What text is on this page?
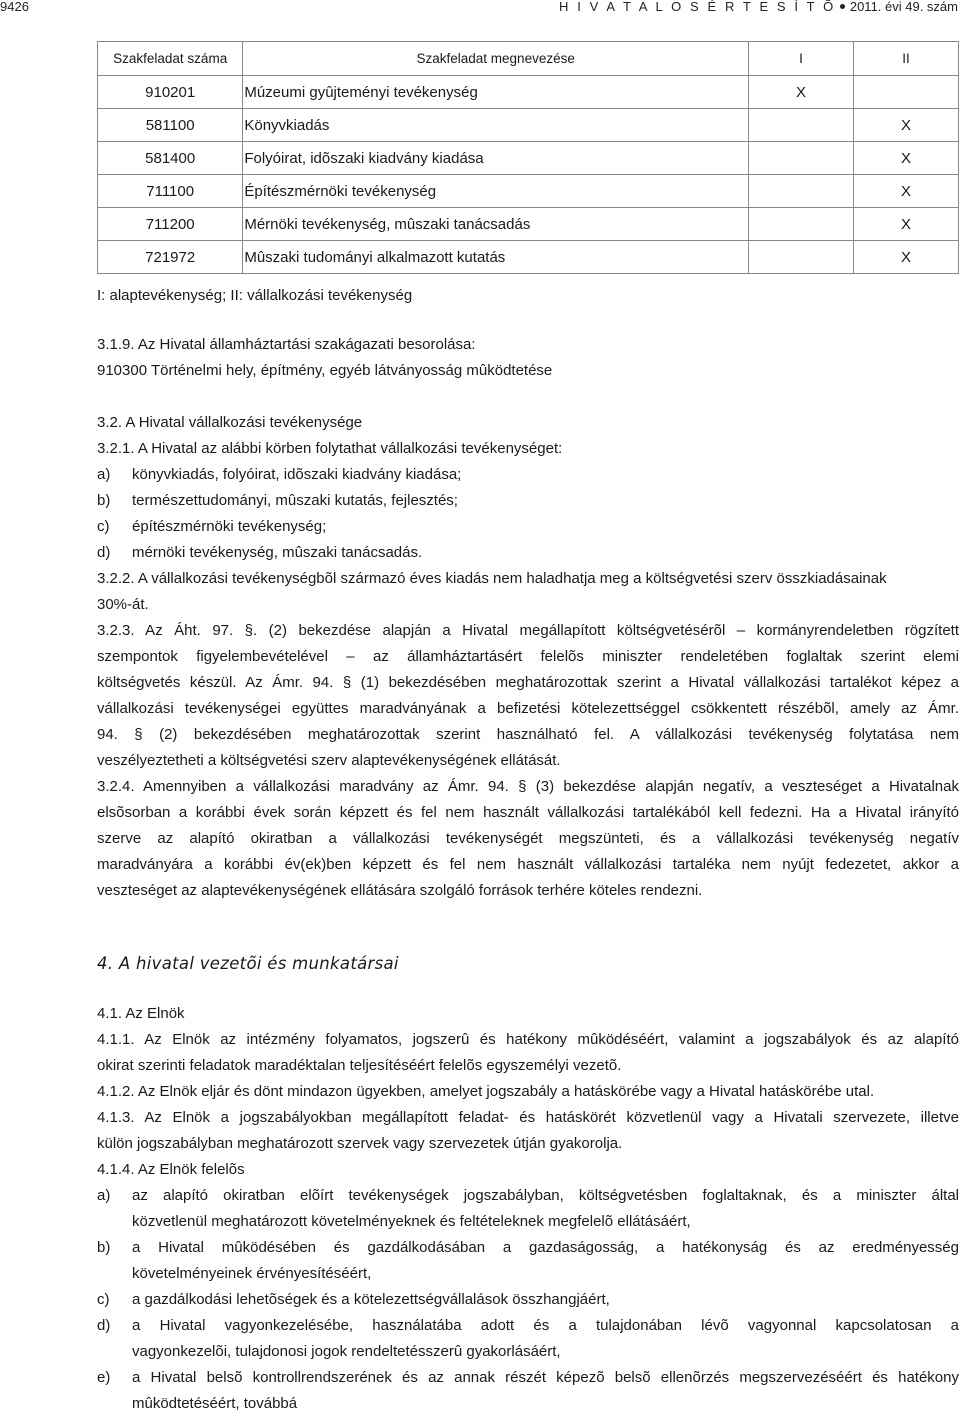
9426	H I V A T A L O S É R T E S Í T Õ 2011. évi 49. szám
Szakfeladat száma	Szakfeladat megnevezése	I	II
910201	Múzeumi gyûjteményi tevékenység	X	
581100	Könyvkiadás		X
581400	Folyóirat, idõszaki kiadvány kiadása		X
711100	Építészmérnöki tevékenység		X
711200	Mérnöki tevékenység, mûszaki tanácsadás		X
721972	Mûszaki tudományi alkalmazott kutatás		X
I: alaptevékenység; II: vállalkozási tevékenység
3.1.9. Az Hivatal államháztartási szakágazati besorolása:
910300 Történelmi hely, építmény, egyéb látványosság mûködtetése
3.2. A Hivatal vállalkozási tevékenysége
3.2.1. A Hivatal az alábbi körben folytathat vállalkozási tevékenységet:
a)	könyvkiadás, folyóirat, idõszaki kiadvány kiadása;
b)	természettudományi, mûszaki kutatás, fejlesztés;
c)	építészmérnöki tevékenység;
d)	mérnöki tevékenység, mûszaki tanácsadás.
3.2.2. A vállalkozási tevékenységbõl származó éves kiadás nem haladhatja meg a költségvetési szerv összkiadásainak
30%-át.
3.2.3. Az Áht. 97. §. (2) bekezdése alapján a Hivatal megállapított költségvetésérõl – kormányrendeletben rögzített
szempontok figyelembevételével – az államháztartásért felelõs miniszter rendeletében foglaltak szerint elemi
költségvetés készül. Az Ámr. 94. § (1) bekezdésében meghatározottak szerint a Hivatal vállalkozási tartalékot képez a
vállalkozási tevékenységei együttes maradványának a befizetési kötelezettséggel csökkentett részébõl, amely az Ámr.
94. § (2) bekezdésében meghatározottak szerint használható fel. A vállalkozási tevékenység folytatása nem
veszélyeztetheti a költségvetési szerv alaptevékenységének ellátását.
3.2.4. Amennyiben a vállalkozási maradvány az Ámr. 94. § (3) bekezdése alapján negatív, a veszteséget a Hivatalnak
elsõsorban a korábbi évek során képzett és fel nem használt vállalkozási tartalékából kell fedezni. Ha a Hivatal irányító
szerve az alapító okiratban a vállalkozási tevékenységét megszünteti, és a vállalkozási tevékenység negatív
maradványára a korábbi év(ek)ben képzett és fel nem használt vállalkozási tartaléka nem nyújt fedezetet, akkor a
veszteséget az alaptevékenységének ellátására szolgáló források terhére köteles rendezni.
4. A hivatal vezetõi és munkatársai
4.1. Az Elnök
4.1.1. Az Elnök az intézmény folyamatos, jogszerû és hatékony mûködéséért, valamint a jogszabályok és az alapító
okirat szerinti feladatok maradéktalan teljesítéséért felelõs egyszemélyi vezetõ.
4.1.2. Az Elnök eljár és dönt mindazon ügyekben, amelyet jogszabály a hatáskörébe vagy a Hivatal hatáskörébe utal.
4.1.3. Az Elnök a jogszabályokban megállapított feladat- és hatáskörét közvetlenül vagy a Hivatali szervezete, illetve
külön jogszabályban meghatározott szervek vagy szervezetek útján gyakorolja.
4.1.4. Az Elnök felelõs
a)	az alapító okiratban elõírt tevékenységek jogszabályban, költségvetésben foglaltaknak, és a miniszter által
közvetlenül meghatározott követelményeknek és feltételeknek megfelelõ ellátásáért,
b)	a Hivatal mûködésében és gazdálkodásában a gazdaságosság, a hatékonyság és az eredményesség
követelményeinek érvényesítéséért,
c)	a gazdálkodási lehetõségek és a kötelezettségvállalások összhangjáért,
d)	a Hivatal vagyonkezelésébe, használatába adott és a tulajdonában lévõ vagyonnal kapcsolatosan a
vagyonkezelõi, tulajdonosi jogok rendeltetésszerû gyakorlásáért,
e)	a Hivatal belsõ kontrollrendszerének és az annak részét képezõ belsõ ellenõrzés megszervezéséért és hatékony
mûködtetéséért, továbbá
